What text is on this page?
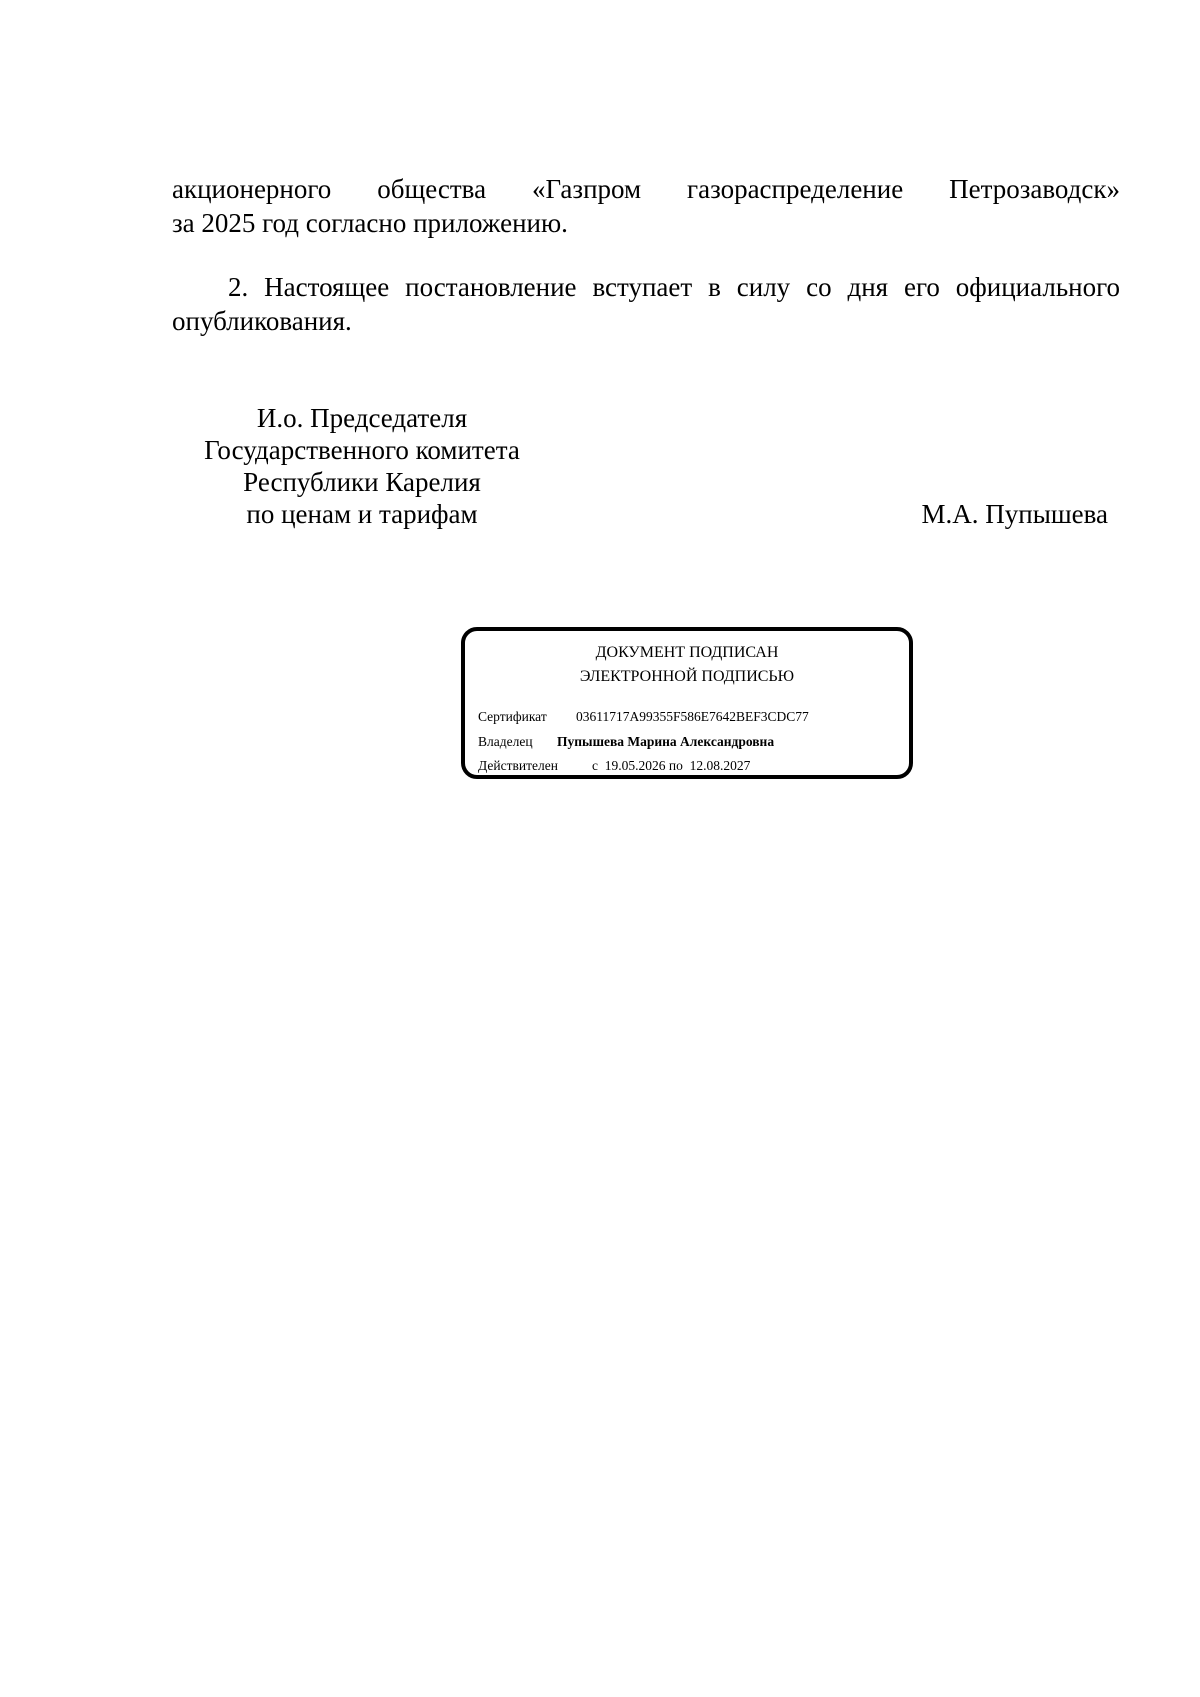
акционерного общества «Газпром газораспределение Петрозаводск»
за 2025 год согласно приложению.
2. Настоящее постановление вступает в силу со дня его официального
опубликования.
И.о. Председателя
Государственного комитета
Республики Карелия
по ценам и тарифам	М.А. Пупышева
ДОКУМЕНТ ПОДПИСАН
ЭЛЕКТРОННОЙ ПОДПИСЬЮ
Сертификат 03611717A99355F586E7642BEF3CDC77
Владелец Пупышева Марина Александровна
Действителен	с  19.05.2026 по  12.08.2027
